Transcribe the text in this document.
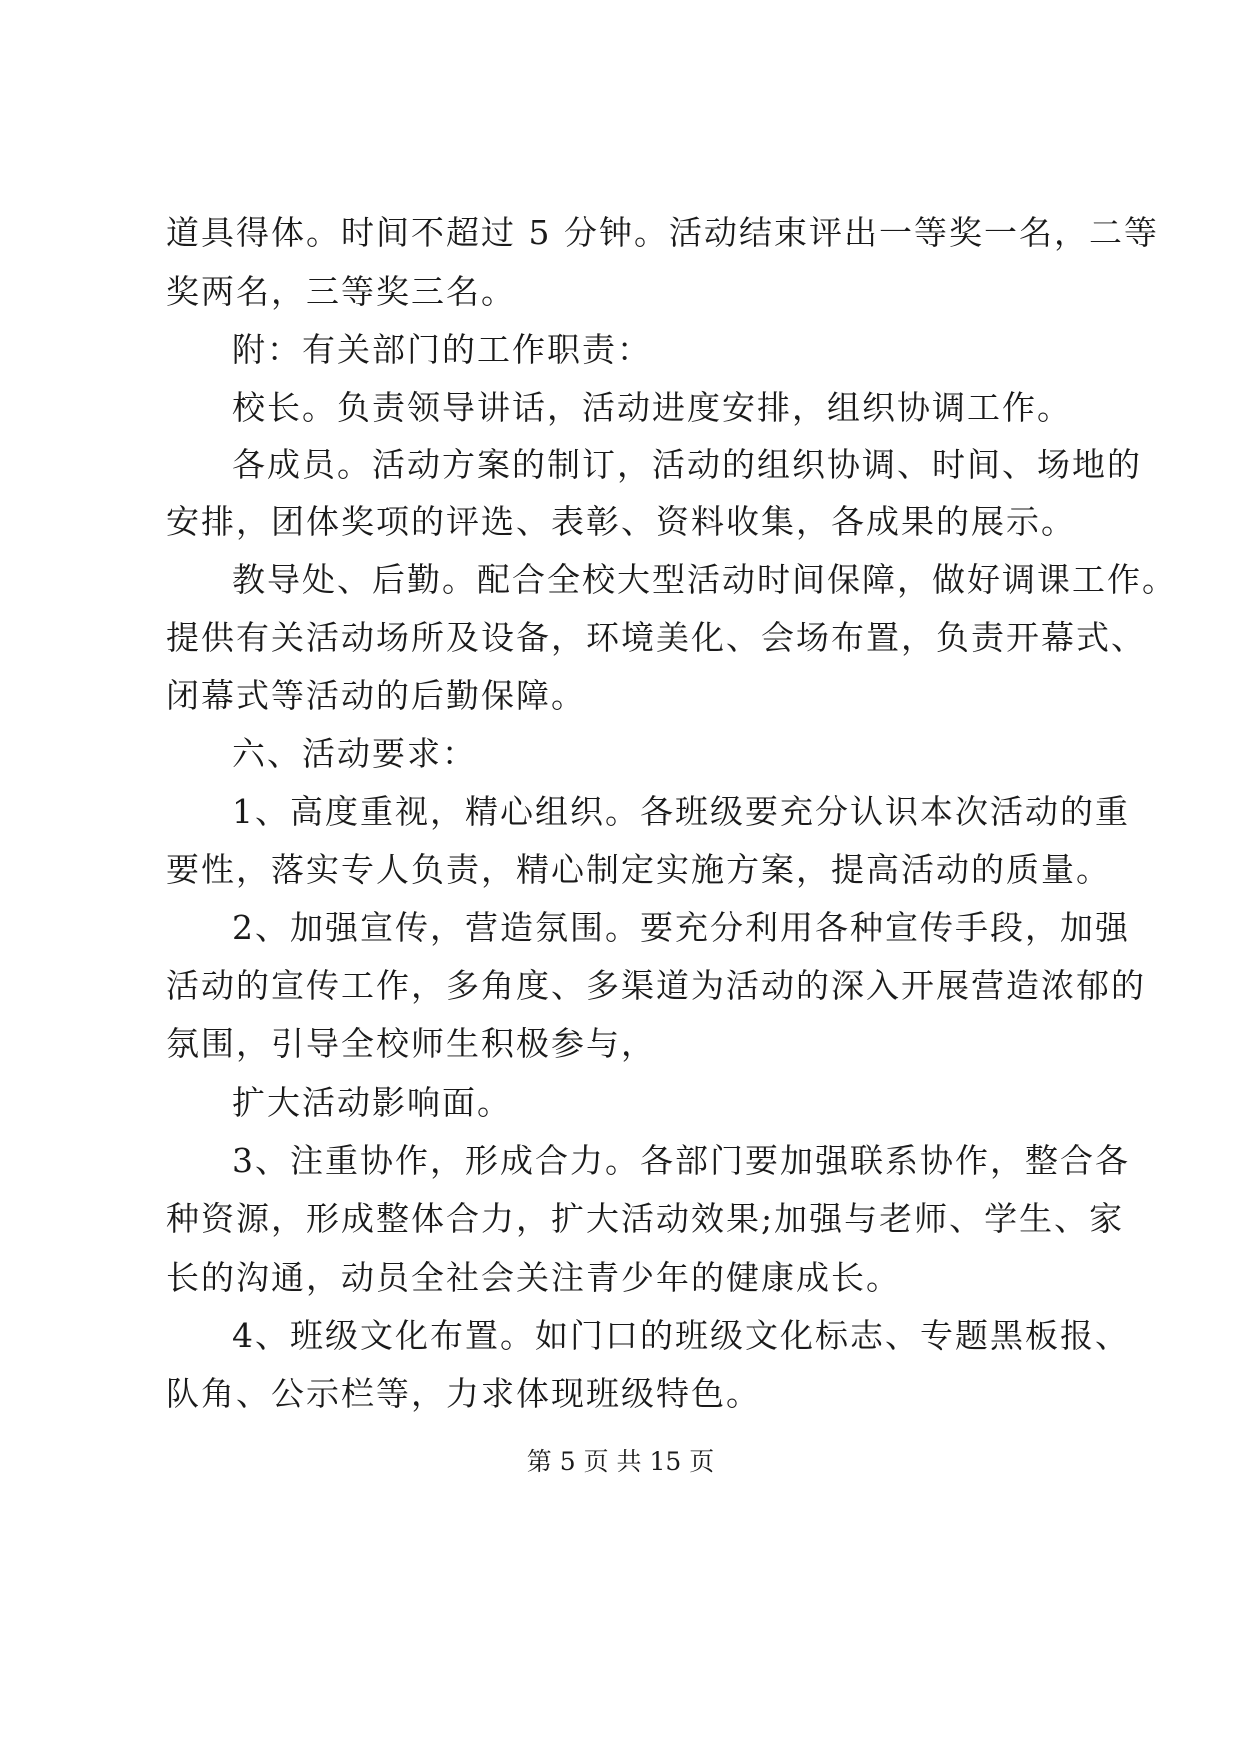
道具得体。时间不超过 5 分钟。活动结束评出一等奖一名，二等
奖两名，三等奖三名。
附：有关部门的工作职责：
校长。负责领导讲话，活动进度安排，组织协调工作。
各成员。活动方案的制订，活动的组织协调、时间、场地的
安排，团体奖项的评选、表彰、资料收集，各成果的展示。
教导处、后勤。配合全校大型活动时间保障，做好调课工作。
提供有关活动场所及设备，环境美化、会场布置，负责开幕式、
闭幕式等活动的后勤保障。
六、活动要求：
1、高度重视，精心组织。各班级要充分认识本次活动的重
要性，落实专人负责，精心制定实施方案，提高活动的质量。
2、加强宣传，营造氛围。要充分利用各种宣传手段，加强
活动的宣传工作，多角度、多渠道为活动的深入开展营造浓郁的
氛围，引导全校师生积极参与，
扩大活动影响面。
3、注重协作，形成合力。各部门要加强联系协作，整合各
种资源，形成整体合力，扩大活动效果;加强与老师、学生、家
长的沟通，动员全社会关注青少年的健康成长。
4、班级文化布置。如门口的班级文化标志、专题黑板报、
队角、公示栏等，力求体现班级特色。
第 5 页 共 15 页
